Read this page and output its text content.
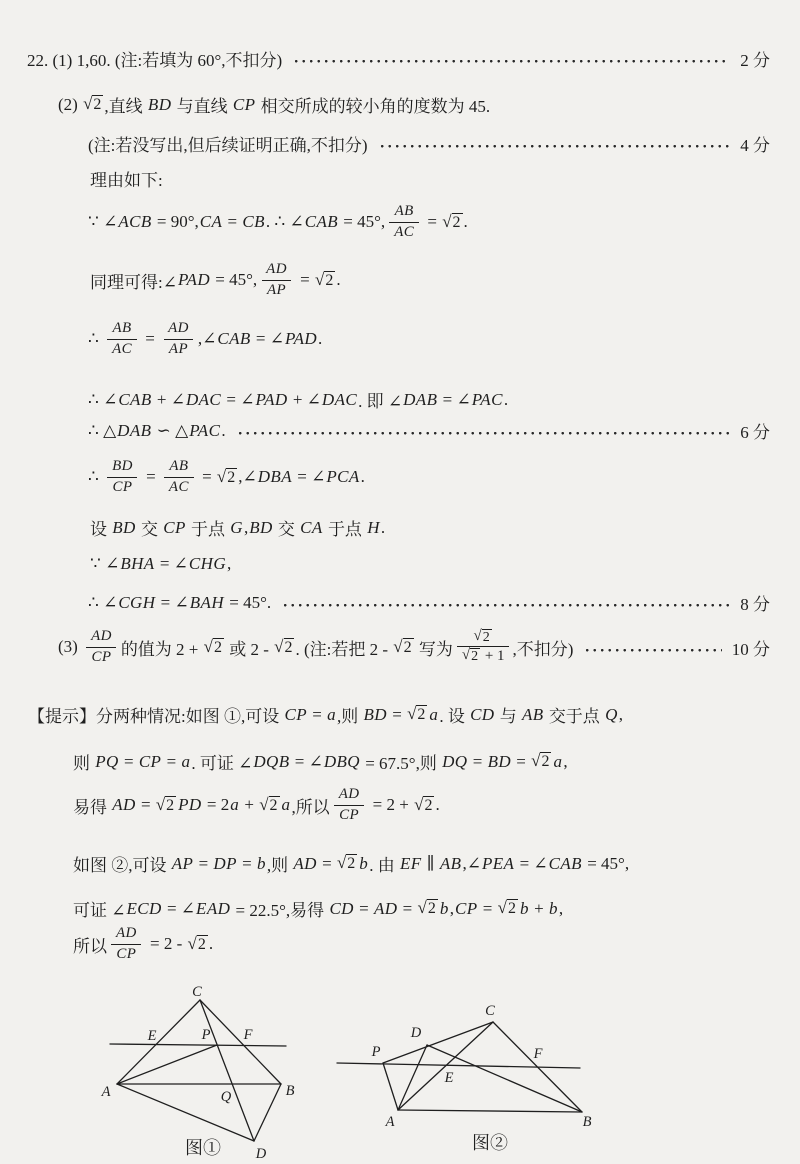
22. (1) 1,60. (注:若填为 60°,不扣分)	2 分
(2) √ 2 ,直线 BD 与直线 CP 相交所成的较小角的度数为 45.
(注:若没写出,但后续证明正确,不扣分)	4 分
理由如下:
∵ ∠ ACB = 90°, CA = CB . ∴ ∠ CAB = 45°, $\frac{AB}{AC}$ = √ 2 .
同理可得:∠ PAD = 45°, $\frac{AD}{AP}$ = √ 2 .
∴ $\frac{AB}{AC} = \frac{AD}{AP}$ ,∠ CAB = ∠ PAD .
∴ ∠ CAB + ∠ DAC = ∠ PAD + ∠ DAC . 即 ∠ DAB = ∠ PAC .
∴ △ DAB ∽ △ PAC .	6 分
∴ $\frac{BD}{CP} = \frac{AB}{AC}$ = √ 2 ,∠ DBA = ∠ PCA .
设 BD 交 CP 于点 G , BD 交 CA 于点 H .
∵ ∠ BHA = ∠ CHG ,
∴ ∠ CGH = ∠ BAH = 45°.	8 分
$(3) \frac{AD}{CP}$ 的值为 2 + √ 2 或 2 - √ 2 . (注:若把 2 - √ 2 写为 $\frac{√ 2}{√ 2 + 1}$ ,不扣分)	10 分
【提示】分两种情况:如图 ①,可设 CP = a ,则 BD = √ 2 a . 设 CD 与 AB 交于点 Q ,
则 PQ = CP = a . 可证 ∠ DQB = ∠ DBQ = 67.5°,则 DQ = BD = √ 2 a ,
易得 AD = √ 2 PD = 2 a + √ 2 a ,所以 $\frac{AD}{CP} = 2$ + √ 2 .
如图 ②,可设 AP = DP = b ,则 AD = √ 2 b . 由 EF ∥ AB ,∠ PEA = ∠ CAB = 45°,
可证 ∠ ECD = ∠ EAD = 22.5°,易得 CD = AD = √ 2 b , CP = √ 2 b + b ,
所以 $\frac{AD}{CP} = 2$ - √ 2 .
C
E	P F
A	Q	B
D
图①
C
D
P
E
F
A	B
图②
